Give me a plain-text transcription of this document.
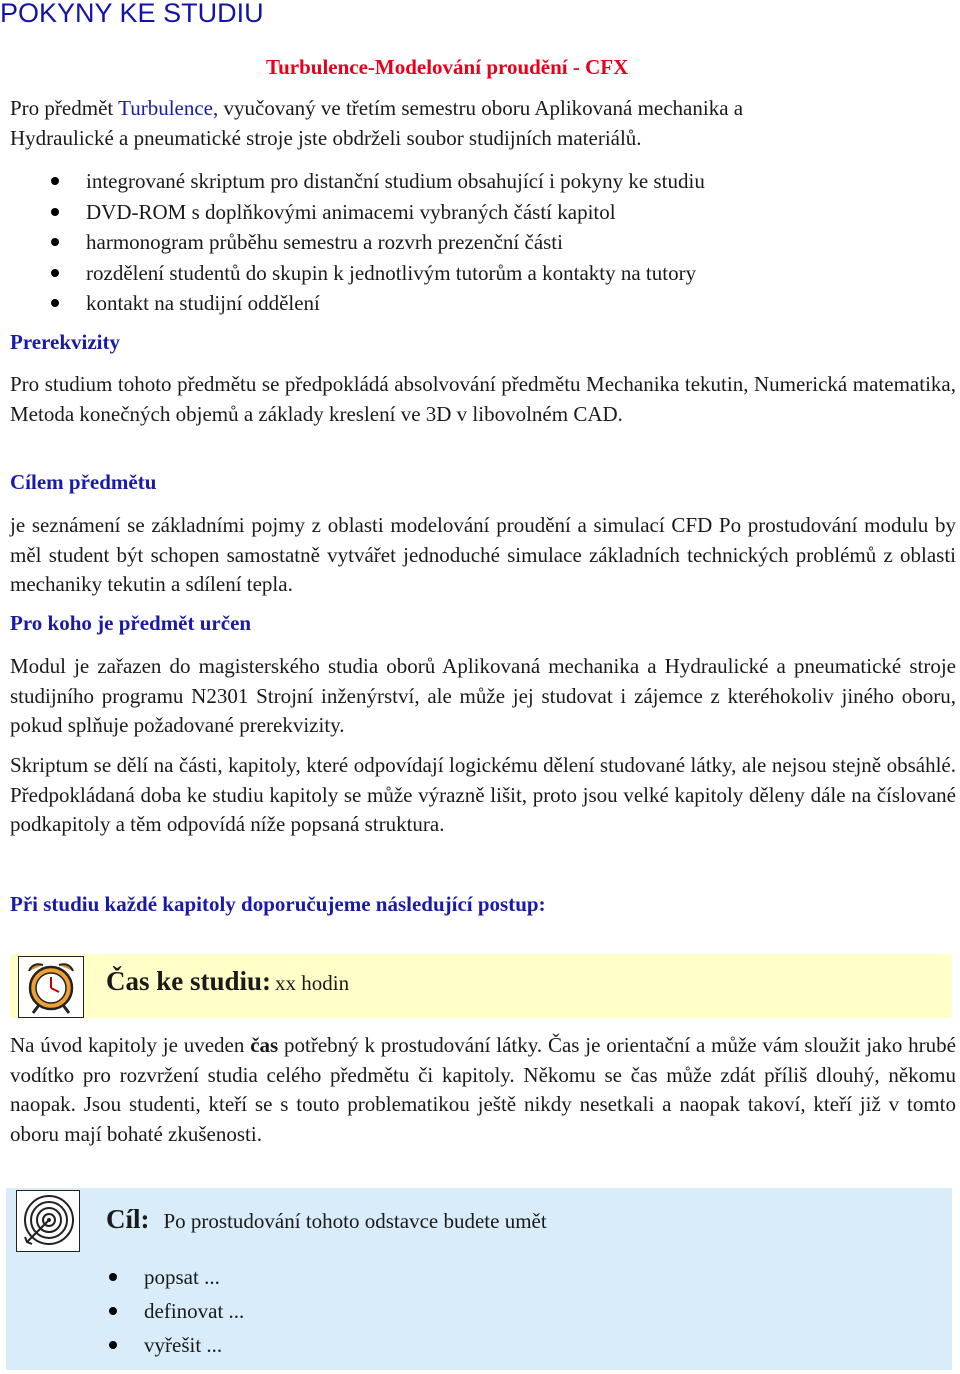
POKYNY KE STUDIU
Turbulence-Modelování proudění - CFX
Pro předmět Turbulence, vyučovaný ve třetím semestru oboru Aplikovaná mechanika a
Hydraulické a pneumatické stroje jste obdrželi soubor studijních materiálů.
integrované skriptum pro distanční studium obsahující i pokyny ke studiu
DVD-ROM s doplňkovými animacemi vybraných částí kapitol
harmonogram průběhu semestru a rozvrh prezenční části
rozdělení studentů do skupin k jednotlivým tutorům a kontakty na tutory
kontakt na studijní oddělení
Prerekvizity

Pro studium tohoto předmětu se předpokládá absolvování předmětu Mechanika tekutin, Numerická matematika, Metoda konečných objemů a základy kreslení ve 3D v libovolném CAD.

Cílem předmětu

je seznámení se základními pojmy z oblasti modelování proudění a simulací CFD Po prostudování modulu by měl student být schopen samostatně vytvářet jednoduché simulace základních technických problémů z oblasti mechaniky tekutin a sdílení tepla.

Pro koho je předmět určen

Modul je zařazen do magisterského studia oborů Aplikovaná mechanika a Hydraulické a pneumatické stroje studijního programu N2301 Strojní inženýrství, ale může jej studovat i zájemce z kteréhokoliv jiného oboru, pokud splňuje požadované prerekvizity.

Skriptum se dělí na části, kapitoly, které odpovídají logickému dělení studované látky, ale nejsou stejně obsáhlé. Předpokládaná doba ke studiu kapitoly se může výrazně lišit, proto jsou velké kapitoly děleny dále na číslované podkapitoly a těm odpovídá níže popsaná struktura.

Při studiu každé kapitoly doporučujeme následující postup:
Čas ke studiu: xx hodin

Na úvod kapitoly je uveden čas potřebný k prostudování látky. Čas je orientační a může vám sloužit jako hrubé vodítko pro rozvržení studia celého předmětu či kapitoly. Někomu se čas může zdát příliš dlouhý, někomu naopak. Jsou studenti, kteří se s touto problematikou ještě nikdy nesetkali a naopak takoví, kteří již v tomto oboru mají bohaté zkušenosti.

Cíl: Po prostudování tohoto odstavce budete umět
popsat ...
definovat ...
vyřešit ...
